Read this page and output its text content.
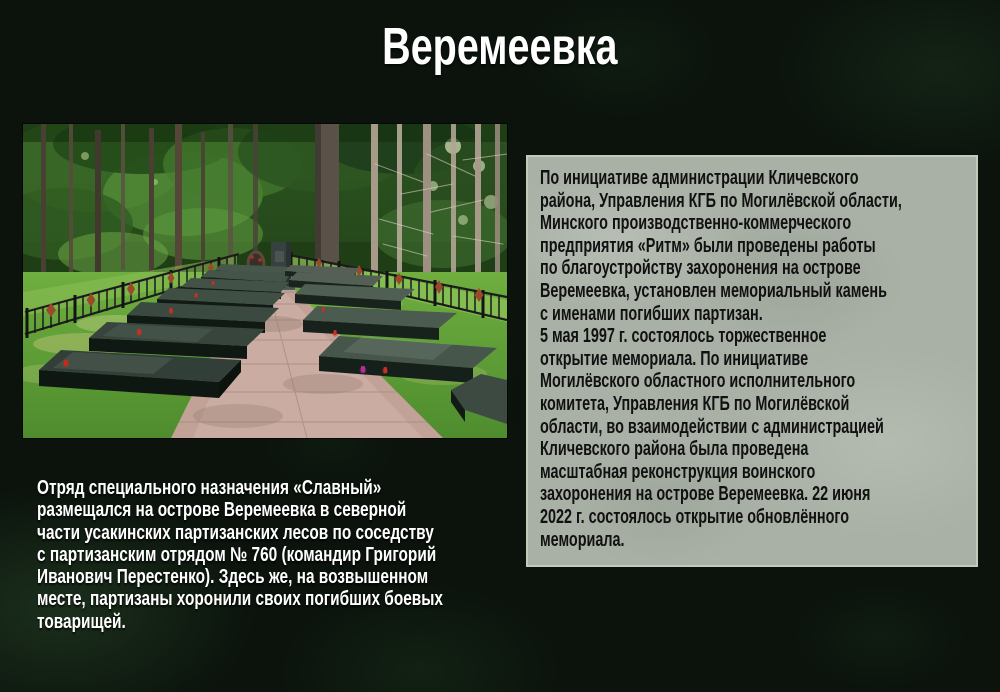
Веремеевка
По инициативе администрации Кличевского
района, Управления КГБ по Могилёвской области,
Минского производственно-коммерческого
предприятия «Ритм» были проведены работы
по благоустройству захоронения на острове
Веремеевка, установлен мемориальный камень
с именами погибших партизан.
5 мая 1997 г. состоялось торжественное
открытие мемориала. По инициативе
Могилёвского областного исполнительного
комитета, Управления КГБ по Могилёвской
области, во взаимодействии с администрацией
Кличевского района была проведена
масштабная реконструкция воинского
захоронения на острове Веремеевка. 22 июня
2022 г. состоялось открытие обновлённого
мемориала.
Отряд специального назначения «Славный»
размещался на острове Веремеевка в северной
части усакинских партизанских лесов по соседству
с партизанским отрядом № 760 (командир Григорий
Иванович Перестенко). Здесь же, на возвышенном
месте, партизаны хоронили своих погибших боевых
товарищей.
